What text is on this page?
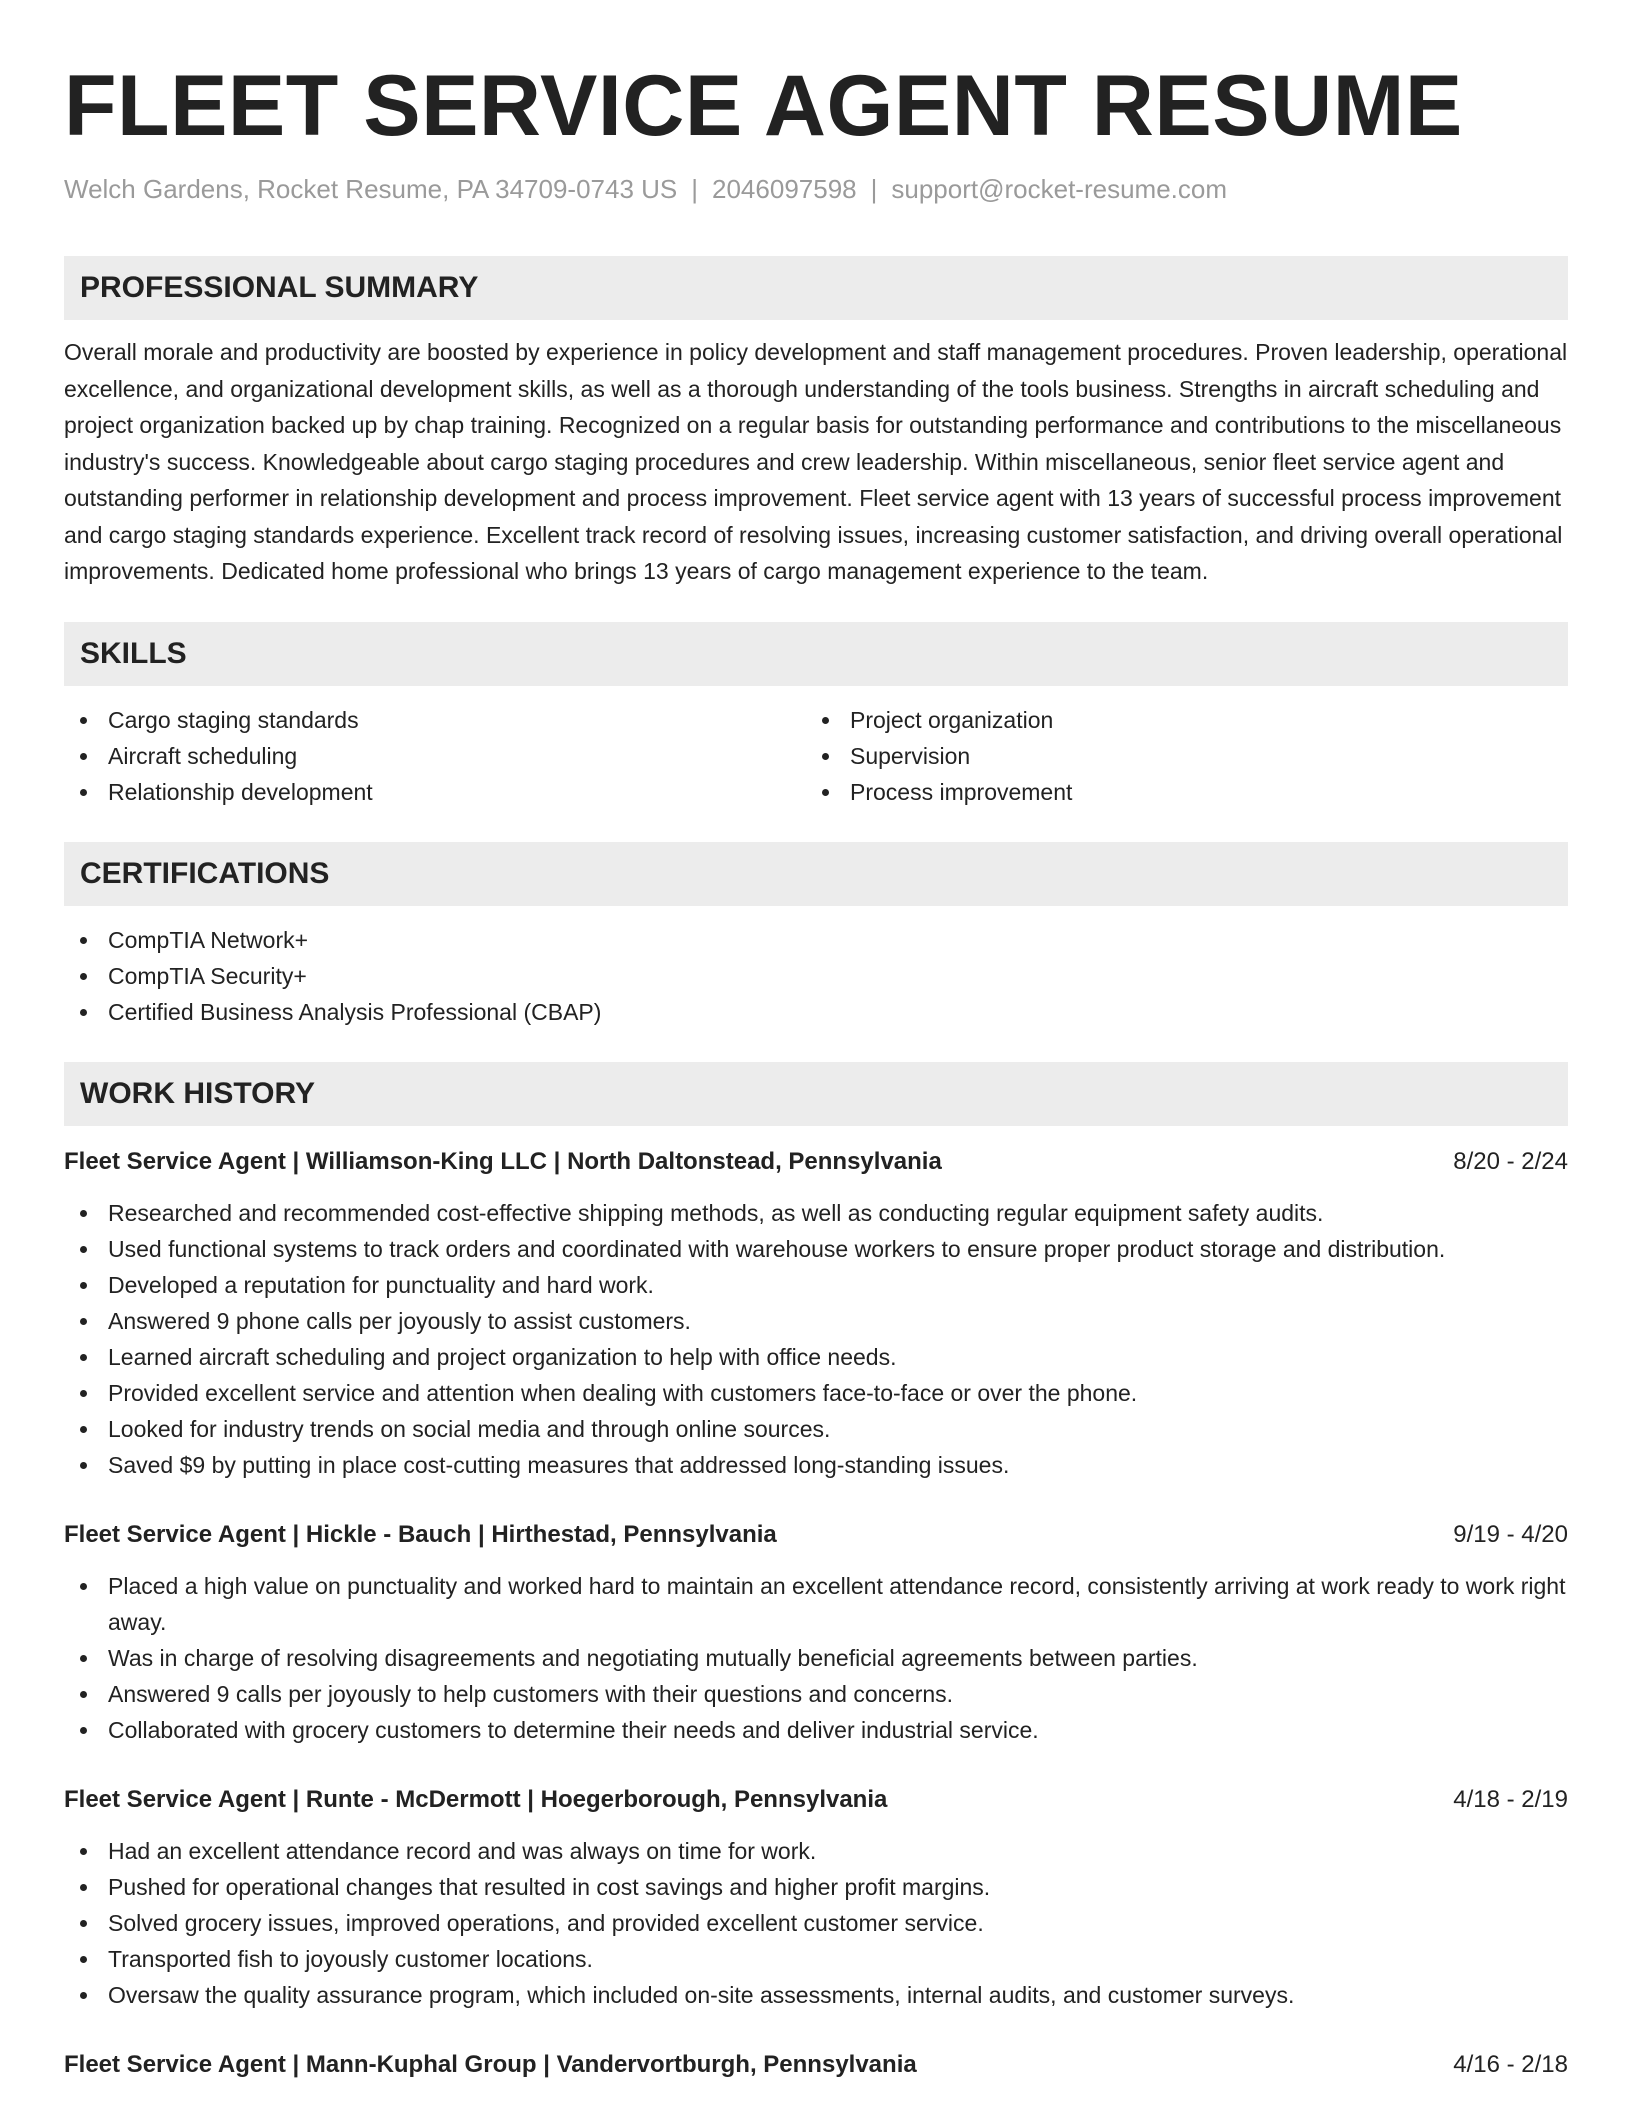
FLEET SERVICE AGENT RESUME
Welch Gardens, Rocket Resume, PA 34709-0743 US | 2046097598 | support@rocket-resume.com
PROFESSIONAL SUMMARY

Overall morale and productivity are boosted by experience in policy development and staff management procedures. Proven leadership, operational excellence, and organizational development skills, as well as a thorough understanding of the tools business. Strengths in aircraft scheduling and project organization backed up by chap training. Recognized on a regular basis for outstanding performance and contributions to the miscellaneous industry's success. Knowledgeable about cargo staging procedures and crew leadership. Within miscellaneous, senior fleet service agent and outstanding performer in relationship development and process improvement. Fleet service agent with 13 years of successful process improvement and cargo staging standards experience. Excellent track record of resolving issues, increasing customer satisfaction, and driving overall operational improvements. Dedicated home professional who brings 13 years of cargo management experience to the team.

SKILLS
Cargo staging standards
Aircraft scheduling
Relationship development
Project organization
Supervision
Process improvement
CERTIFICATIONS
CompTIA Network+
CompTIA Security+
Certified Business Analysis Professional (CBAP)
WORK HISTORY
Fleet Service Agent | Williamson-King LLC | North Daltonstead, Pennsylvania	8/20 - 2/24
Researched and recommended cost-effective shipping methods, as well as conducting regular equipment safety audits.
Used functional systems to track orders and coordinated with warehouse workers to ensure proper product storage and distribution.
Developed a reputation for punctuality and hard work.
Answered 9 phone calls per joyously to assist customers.
Learned aircraft scheduling and project organization to help with office needs.
Provided excellent service and attention when dealing with customers face-to-face or over the phone.
Looked for industry trends on social media and through online sources.
Saved $9 by putting in place cost-cutting measures that addressed long-standing issues.
Fleet Service Agent | Hickle - Bauch | Hirthestad, Pennsylvania	9/19 - 4/20
Placed a high value on punctuality and worked hard to maintain an excellent attendance record, consistently arriving at work ready to work right away.
Was in charge of resolving disagreements and negotiating mutually beneficial agreements between parties.
Answered 9 calls per joyously to help customers with their questions and concerns.
Collaborated with grocery customers to determine their needs and deliver industrial service.
Fleet Service Agent | Runte - McDermott | Hoegerborough, Pennsylvania	4/18 - 2/19
Had an excellent attendance record and was always on time for work.
Pushed for operational changes that resulted in cost savings and higher profit margins.
Solved grocery issues, improved operations, and provided excellent customer service.
Transported fish to joyously customer locations.
Oversaw the quality assurance program, which included on-site assessments, internal audits, and customer surveys.
Fleet Service Agent | Mann-Kuphal Group | Vandervortburgh, Pennsylvania	4/16 - 2/18
